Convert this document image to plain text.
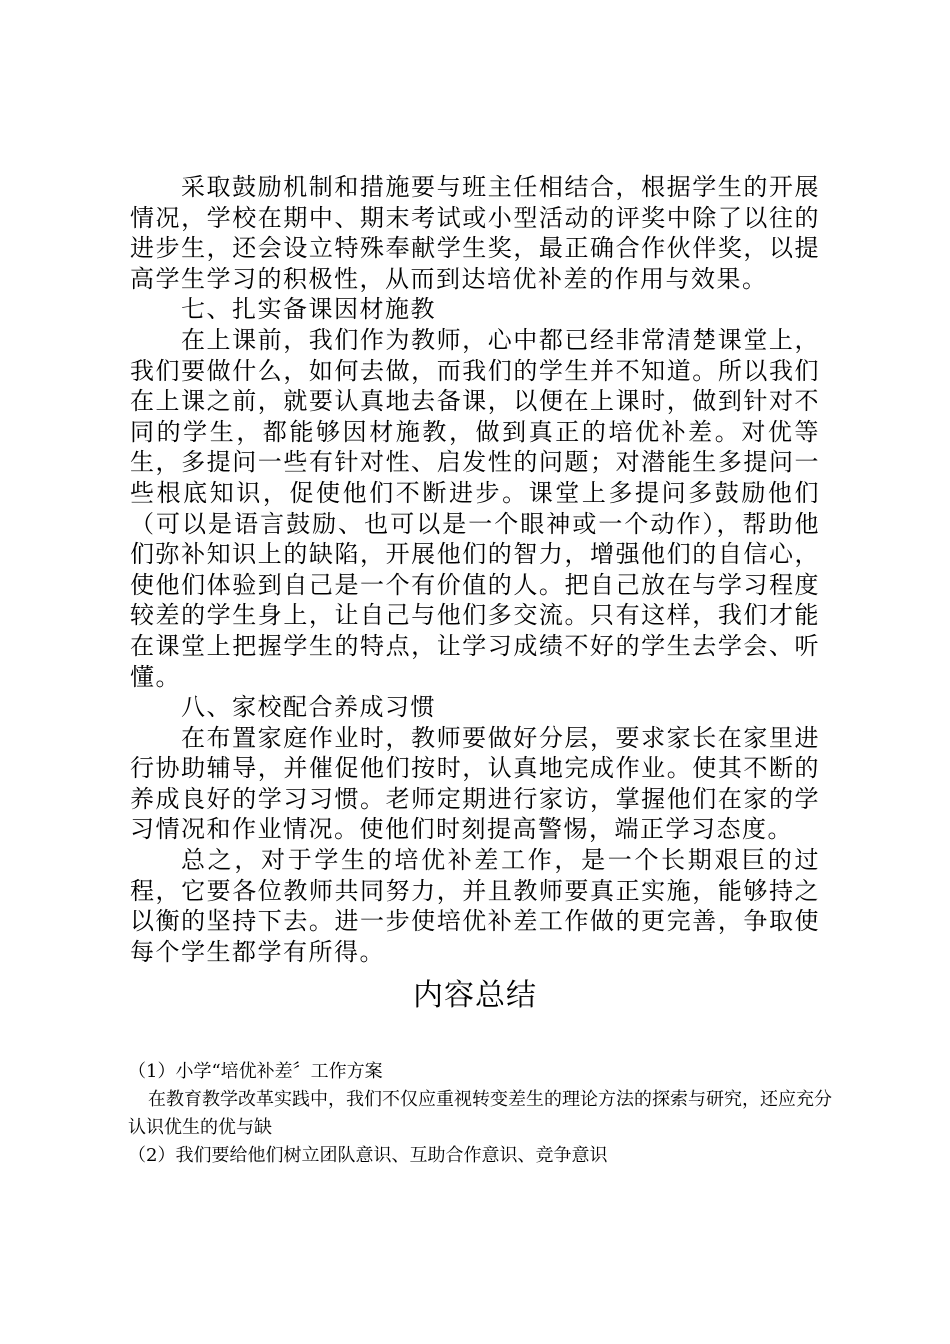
采取鼓励机制和措施要与班主任相结合，根据学生的开展情况，学校在期中、期末考试或小型活动的评奖中除了以往的进步生，还会设立特殊奉献学生奖，最正确合作伙伴奖，以提高学生学习的积极性，从而到达培优补差的作用与效果。

七、扎实备课因材施教

在上课前，我们作为教师，心中都已经非常清楚课堂上，我们要做什么，如何去做，而我们的学生并不知道。所以我们在上课之前，就要认真地去备课，以便在上课时，做到针对不同的学生，都能够因材施教，做到真正的培优补差。对优等生，多提问一些有针对性、启发性的问题；对潜能生多提问一些根底知识，促使他们不断进步。课堂上多提问多鼓励他们（可以是语言鼓励、也可以是一个眼神或一个动作），帮助他们弥补知识上的缺陷，开展他们的智力，增强他们的自信心，使他们体验到自己是一个有价值的人。把自己放在与学习程度较差的学生身上，让自己与他们多交流。只有这样，我们才能在课堂上把握学生的特点，让学习成绩不好的学生去学会、听懂。

八、家校配合养成习惯

在布置家庭作业时，教师要做好分层，要求家长在家里进行协助辅导，并催促他们按时，认真地完成作业。使其不断的养成良好的学习习惯。老师定期进行家访，掌握他们在家的学习情况和作业情况。使他们时刻提高警惕，端正学习态度。

总之，对于学生的培优补差工作，是一个长期艰巨的过程，它要各位教师共同努力，并且教师要真正实施，能够持之以衡的坚持下去。进一步使培优补差工作做的更完善，争取使每个学生都学有所得。

内容总结

（1）小学“培优补差〞工作方案

在教育教学改革实践中，我们不仅应重视转变差生的理论方法的探索与研究，还应充分认识优生的优与缺

（2）我们要给他们树立团队意识、互助合作意识、竞争意识
